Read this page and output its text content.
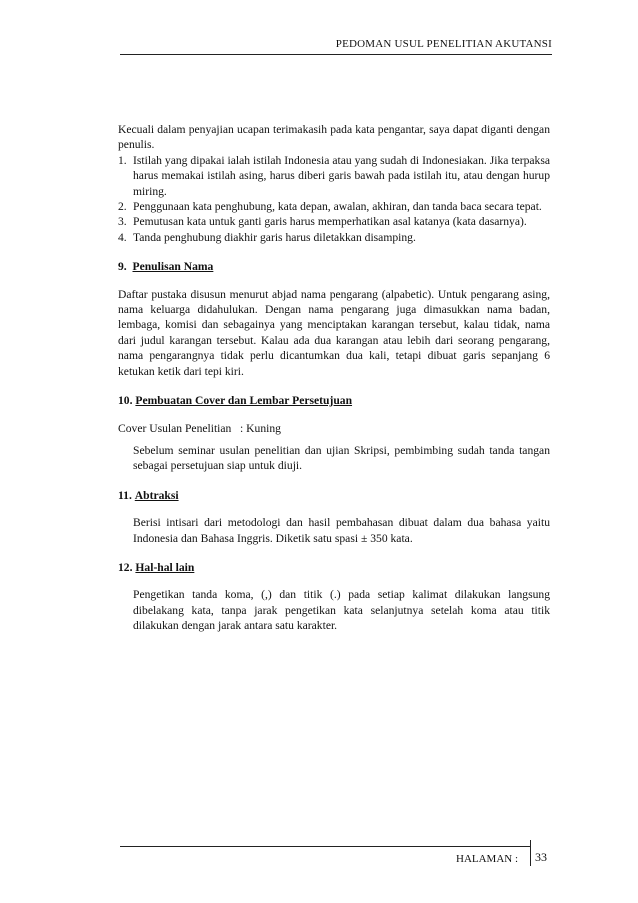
PEDOMAN USUL PENELITIAN AKUTANSI

Kecuali dalam penyajian ucapan terimakasih pada kata pengantar, saya dapat diganti dengan penulis.

1. Istilah yang dipakai ialah istilah Indonesia atau yang sudah di Indonesiakan. Jika terpaksa harus memakai istilah asing, harus diberi garis bawah pada istilah itu, atau dengan hurup miring.
2. Penggunaan kata penghubung, kata depan, awalan, akhiran, dan tanda baca secara tepat.
3. Pemutusan kata untuk ganti garis harus memperhatikan asal katanya (kata dasarnya).
4. Tanda penghubung diakhir garis harus diletakkan disamping.
9. Penulisan Nama

Daftar pustaka disusun menurut abjad nama pengarang (alpabetic). Untuk pengarang asing, nama keluarga didahulukan. Dengan nama pengarang juga dimasukkan nama badan, lembaga, komisi dan sebagainya yang menciptakan karangan tersebut, kalau tidak, nama dari judul karangan tersebut. Kalau ada dua karangan atau lebih dari seorang pengarang, nama pengarangnya tidak perlu dicantumkan dua kali, tetapi dibuat garis sepanjang 6 ketukan ketik dari tepi kiri.

10. Pembuatan Cover dan Lembar Persetujuan
Cover Usulan Penelitian   : Kuning

Sebelum seminar usulan penelitian dan ujian Skripsi, pembimbing sudah tanda tangan sebagai persetujuan siap untuk diuji.

11. Abtraksi

Berisi intisari dari metodologi dan hasil pembahasan dibuat dalam dua bahasa yaitu Indonesia dan Bahasa Inggris. Diketik satu spasi ± 350 kata.

12. Hal-hal lain

Pengetikan tanda koma, (,) dan titik (.) pada setiap kalimat dilakukan langsung dibelakang kata, tanpa jarak pengetikan kata selanjutnya setelah koma atau titik dilakukan dengan jarak antara satu karakter.

HALAMAN : 33
